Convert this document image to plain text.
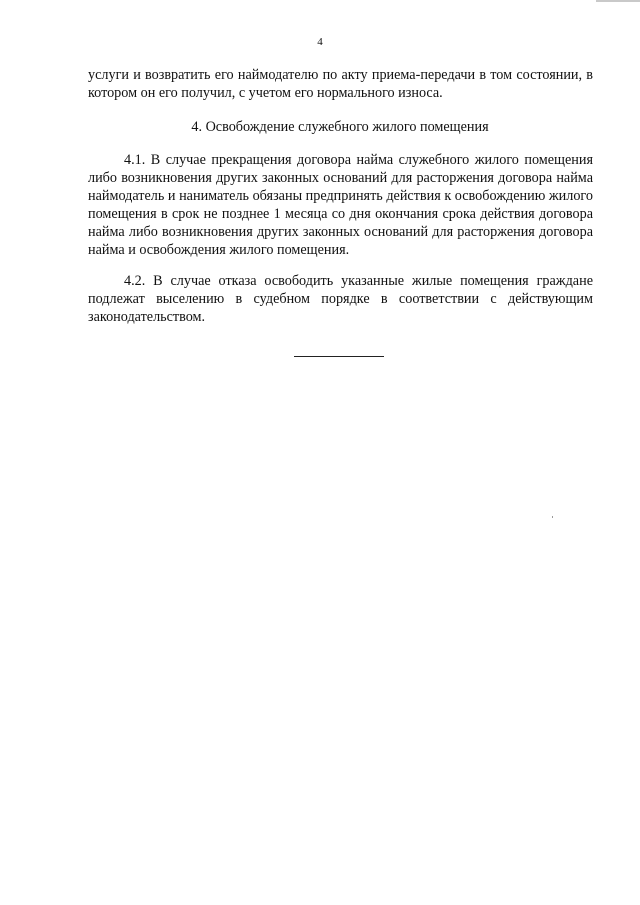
4

услуги и возвратить его наймодателю по акту приема-передачи в том состоянии, в котором он его получил, с учетом его нормального износа.

4. Освобождение служебного жилого помещения

4.1. В случае прекращения договора найма служебного жилого помещения либо возникновения других законных оснований для расторжения договора найма наймодатель и наниматель обязаны предпринять действия к освобождению жилого помещения в срок не позднее 1 месяца со дня окончания срока действия договора найма либо возникновения других законных оснований для расторжения договора найма и освобождения жилого помещения.

4.2. В случае отказа освободить указанные жилые помещения граждане подлежат выселению в судебном порядке в соответствии с действующим законодательством.
